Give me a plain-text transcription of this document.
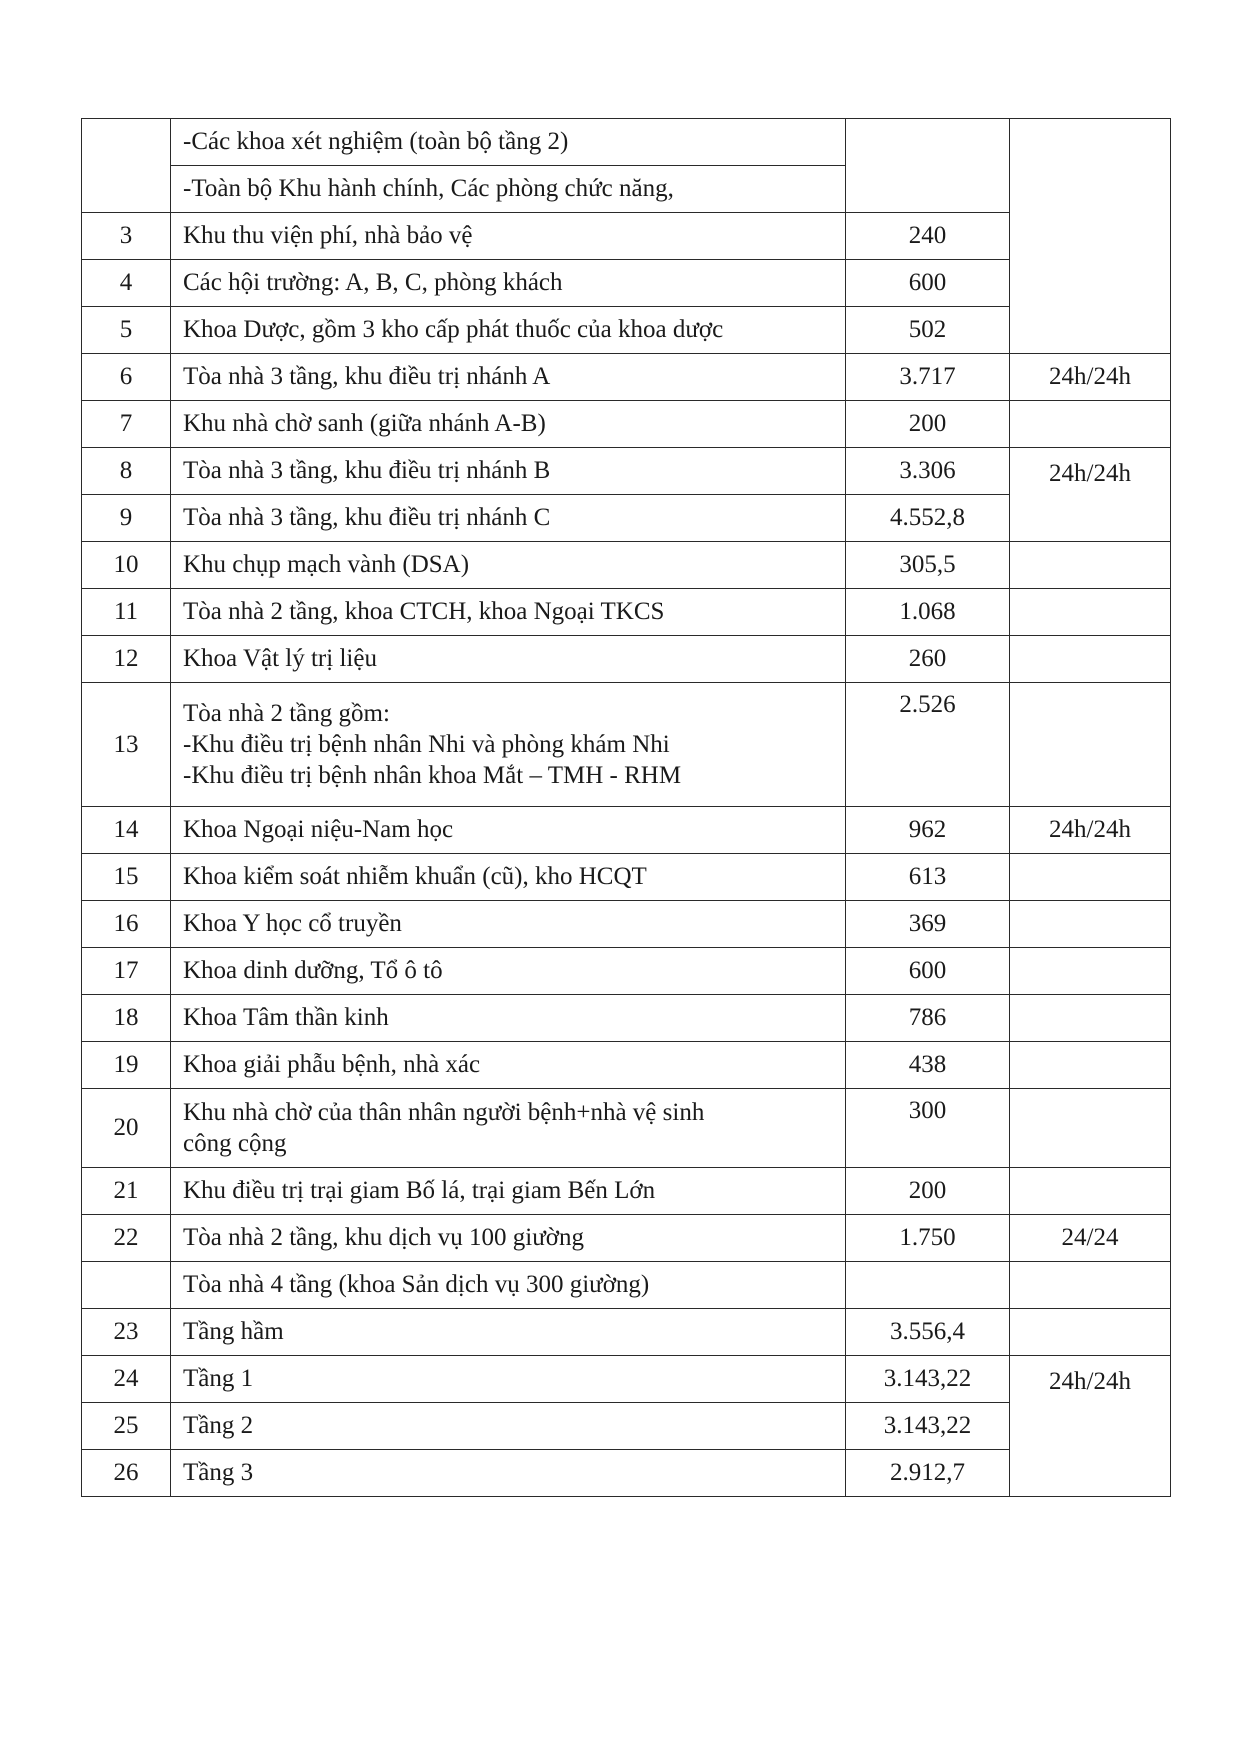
	-Các khoa xét nghiệm (toàn bộ tầng 2)		

	-Toàn bộ Khu hành chính, Các phòng chức năng,		

3	Khu thu viện phí, nhà bảo vệ	240	
4	Các hội trường: A, B, C, phòng khách	600	
5	Khoa Dược, gồm 3 kho cấp phát thuốc của khoa dược	502	
6	Tòa nhà 3 tầng, khu điều trị nhánh A	3.717	24h/24h
7	Khu nhà chờ sanh (giữa nhánh A-B)	200	
8	Tòa nhà 3 tầng, khu điều trị nhánh B	3.306	24h/24h
9	Tòa nhà 3 tầng, khu điều trị nhánh C	4.552,8	
10	Khu chụp mạch vành (DSA)	305,5	
11	Tòa nhà 2 tầng, khoa CTCH, khoa Ngoại TKCS	1.068	
12	Khoa Vật lý trị liệu	260	
13	Tòa nhà 2 tầng gồm:
-Khu điều trị bệnh nhân Nhi và phòng khám Nhi
-Khu điều trị bệnh nhân khoa Mắt – TMH - RHM	2.526	
14	Khoa Ngoại niệu-Nam học	962	24h/24h
15	Khoa kiểm soát nhiễm khuẩn (cũ), kho HCQT	613	
16	Khoa Y học cổ truyền	369	
17	Khoa dinh dưỡng, Tổ ô tô	600	
18	Khoa Tâm thần kinh	786	
19	Khoa giải phẫu bệnh, nhà xác	438	
20	Khu nhà chờ của thân nhân người bệnh+nhà vệ sinh
công cộng	300	
21	Khu điều trị trại giam Bố lá, trại giam Bến Lớn	200	
22	Tòa nhà 2 tầng, khu dịch vụ 100 giường	1.750	24/24

	Tòa nhà 4 tầng (khoa Sản dịch vụ 300 giường)		

23	Tầng hầm	3.556,4	
24	Tầng 1	3.143,22	24h/24h
25	Tầng 2	3.143,22	
26	Tầng 3	2.912,7	
